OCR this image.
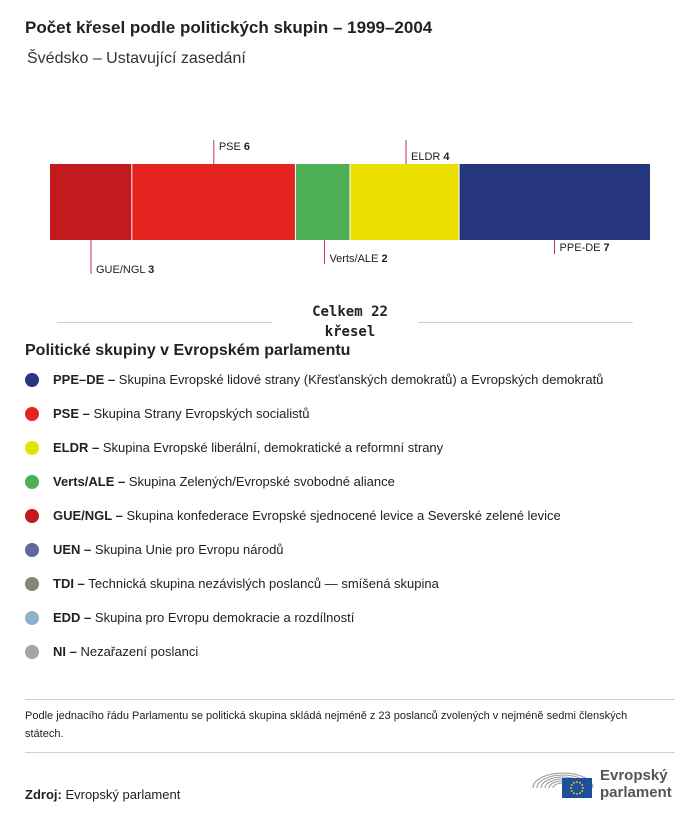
Počet křesel podle politických skupin – 1999–2004
Švédsko – Ustavující zasedání
GUE/NGL 3
PSE 6
Verts/ALE 2
ELDR 4
PPE-DE 7
Celkem 22
křesel
Politické skupiny v Evropském parlamentu
PPE–DE – Skupina Evropské lidové strany (Křesťanských demokratů) a Evropských demokratů
PSE – Skupina Strany Evropských socialistů
ELDR – Skupina Evropské liberální, demokratické a reformní strany
Verts/ALE – Skupina Zelených/Evropské svobodné aliance
GUE/NGL – Skupina konfederace Evropské sjednocené levice a Severské zelené levice
UEN – Skupina Unie pro Evropu národů
TDI – Technická skupina nezávislých poslanců — smíšená skupina
EDD – Skupina pro Evropu demokracie a rozdílností
NI – Nezařazení poslanci
Podle jednacího řádu Parlamentu se politická skupina skládá nejméně z 23 poslanců zvolených v nejméně sedmi členských státech.
Zdroj: Evropský parlament
Evropský
parlament
